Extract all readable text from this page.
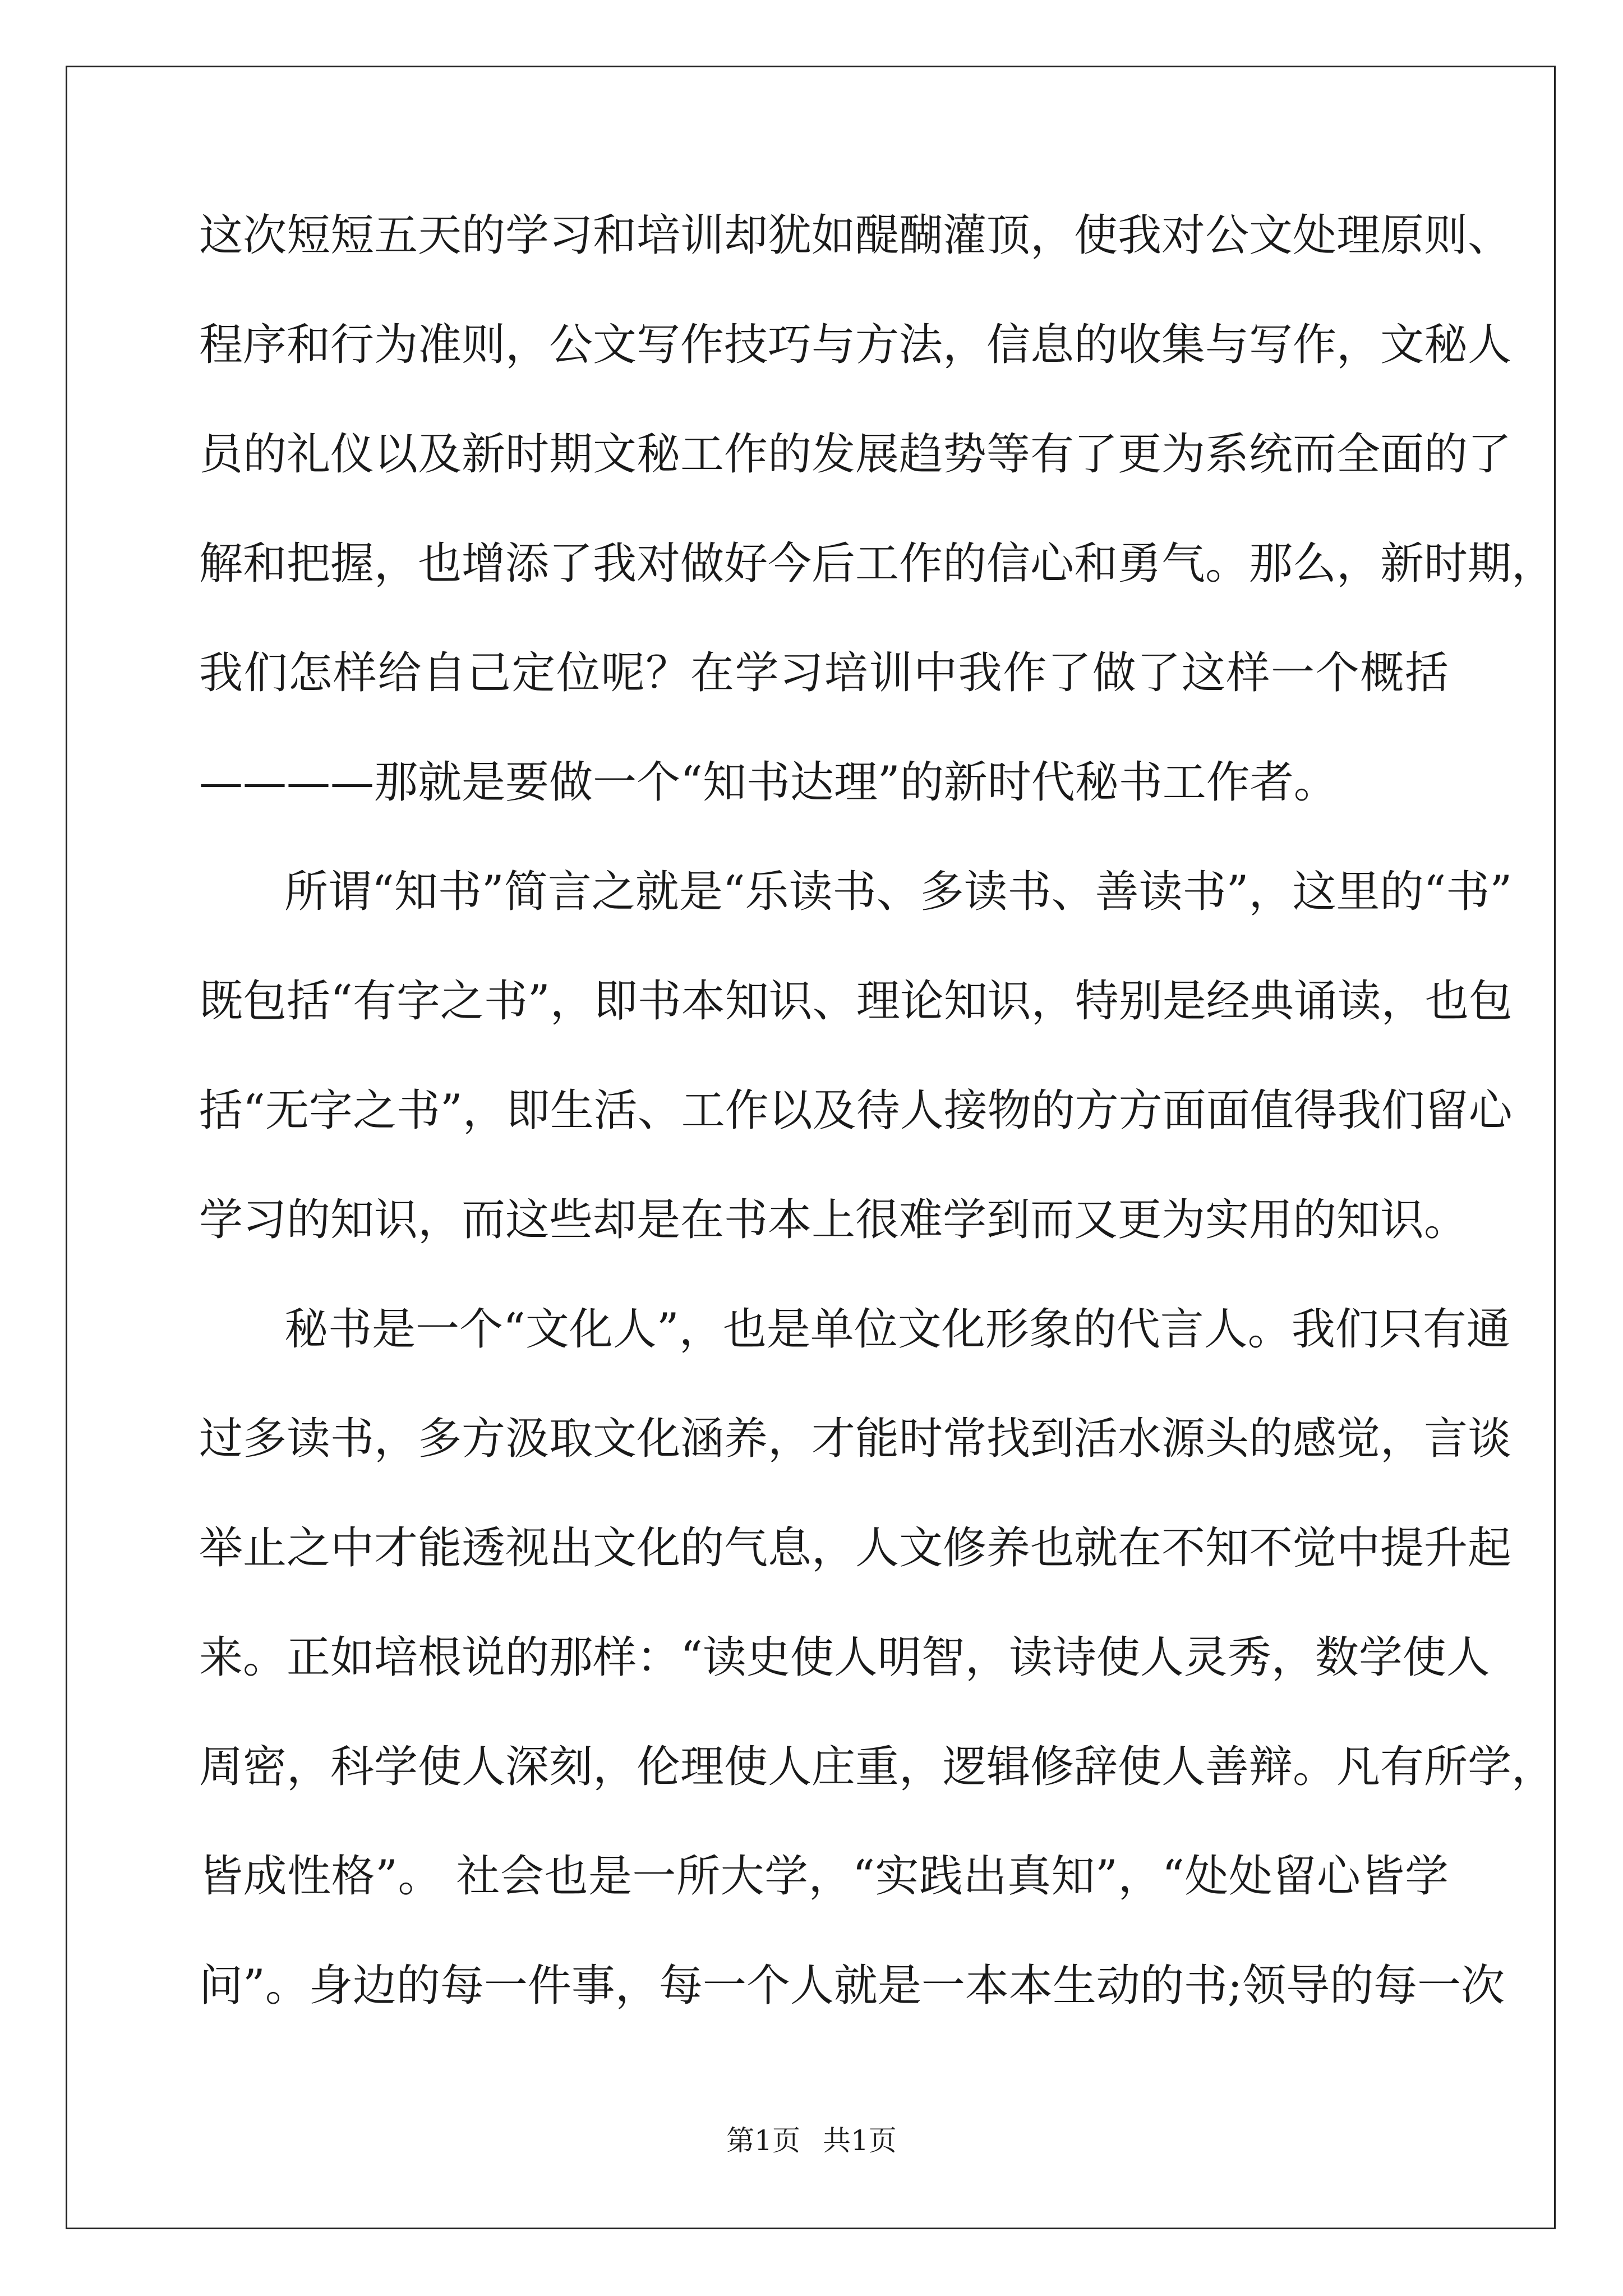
这次短短五天的学习和培训却犹如醍醐灌顶，使我对公文处理原则、
程序和行为准则，公文写作技巧与方法，信息的收集与写作，文秘人
员的礼仪以及新时期文秘工作的发展趋势等有了更为系统而全面的了
解和把握，也增添了我对做好今后工作的信心和勇气。那么，新时期，
我们怎样给自己定位呢？在学习培训中我作了做了这样一个概括
————那就是要做一个“知书达理”的新时代秘书工作者。
所谓“知书”简言之就是“乐读书、多读书、善读书”，这里的“书”
既包括“有字之书”，即书本知识、理论知识，特别是经典诵读，也包
括“无字之书”，即生活、工作以及待人接物的方方面面值得我们留心
学习的知识，而这些却是在书本上很难学到而又更为实用的知识。
秘书是一个“文化人”，也是单位文化形象的代言人。我们只有通
过多读书，多方汲取文化涵养，才能时常找到活水源头的感觉，言谈
举止之中才能透视出文化的气息，人文修养也就在不知不觉中提升起
来。正如培根说的那样：“读史使人明智，读诗使人灵秀，数学使人
周密，科学使人深刻，伦理使人庄重，逻辑修辞使人善辩。凡有所学，
皆成性格”。 社会也是一所大学，“实践出真知”，“处处留心皆学
问”。身边的每一件事，每一个人就是一本本生动的书;领导的每一次
第1页 共1页
